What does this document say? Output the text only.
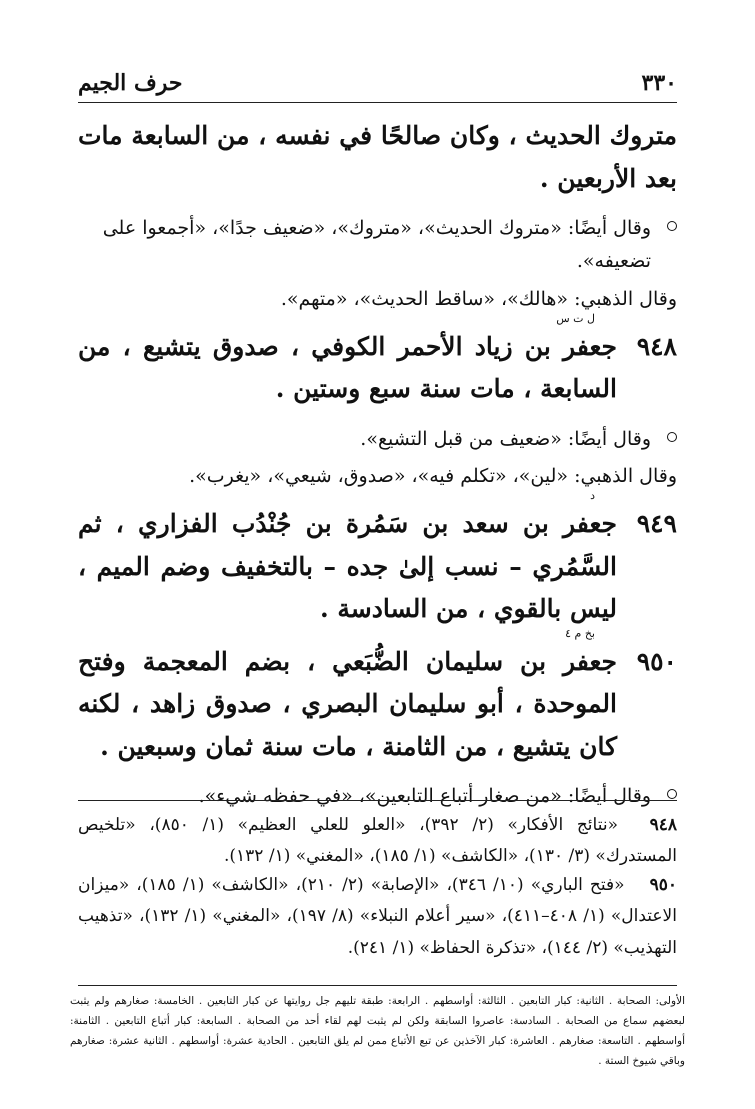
٣٣٠
حرف الجيم

متروك الحديث ، وكان صالحًا في نفسه ، من السابعة مات بعد الأربعين .

وقال أيضًا: «متروك الحديث»، «متروك»، «ضعيف جدًا»، «أجمعوا على تضعيفه».
وقال الذهبي: «هالك»، «ساقط الحديث»، «متهم».
٩٤٨
ل ت س
جعفر بن زياد الأحمر الكوفي ، صدوق يتشيع ، من السابعة ، مات سنة سبع وستين .
وقال أيضًا: «ضعيف من قبل التشيع».
وقال الذهبي: «لين»، «تكلم فيه»، «صدوق، شيعي»، «يغرب».
٩٤٩
د
جعفر بن سعد بن سَمُرة بن جُنْدُب الفزاري ، ثم السَّمُري – نسب إلىٰ جده – بالتخفيف وضم الميم ، ليس بالقوي ، من السادسة .
٩٥٠
بخ م ٤
جعفر بن سليمان الضُّبَعي ، بضم المعجمة وفتح الموحدة ، أبو سليمان البصري ، صدوق زاهد ، لكنه كان يتشيع ، من الثامنة ، مات سنة ثمان وسبعين .
وقال أيضًا: «من صغار أتباع التابعين»، «في حفظه شيء».
٩٤٨ «نتائج الأفكار» (٢/ ٣٩٢)، «العلو للعلي العظيم» (١/ ٨٥٠)، «تلخيص المستدرك» (٣/ ١٣٠)، «الكاشف» (١/ ١٨٥)، «المغني» (١/ ١٣٢).
٩٥٠ «فتح الباري» (١٠/ ٣٤٦)، «الإصابة» (٢/ ٢١٠)، «الكاشف» (١/ ١٨٥)، «ميزان الاعتدال» (١/ ٤٠٨–٤١١)، «سير أعلام النبلاء» (٨/ ١٩٧)، «المغني» (١/ ١٣٢)، «تذهيب التهذيب» (٢/ ١٤٤)، «تذكرة الحفاظ» (١/ ٢٤١).
الأولى: الصحابة . الثانية: كبار التابعين . الثالثة: أواسطهم . الرابعة: طبقة تليهم جل روايتها عن كبار التابعين . الخامسة: صغارهم ولم يثبت لبعضهم سماع من الصحابة . السادسة: عاصروا السابقة ولكن لم يثبت لهم لقاء أحد من الصحابة . السابعة: كبار أتباع التابعين . الثامنة: أواسطهم . التاسعة: صغارهم . العاشرة: كبار الآخذين عن تبع الأتباع ممن لم يلق التابعين . الحادية عشرة: أواسطهم . الثانية عشرة: صغارهم وباقي شيوخ الستة .
